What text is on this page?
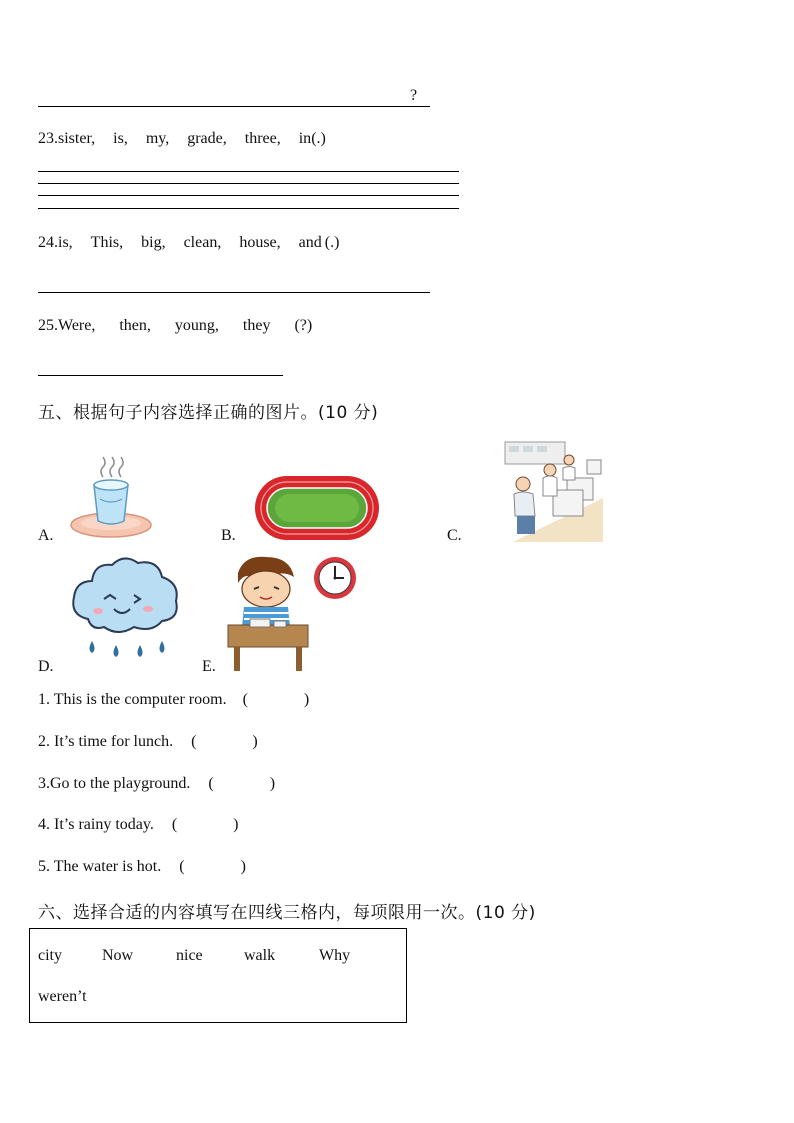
?
23.sister, is, my, grade, three, in(.)
24.is, This, big, clean, house, and (.)
25.Were, then, young, they (?)
五、根据句子内容选择正确的图片。(10 分)
A.	B.	C.
D.	E.
1. This is the computer room. (	)
2. It’s time for lunch. (	)
3.Go to the playground. (	)
4. It’s rainy today. (	)
5. The water is hot. (	)
六、选择合适的内容填写在四线三格内，每项限用一次。(10 分)
city	Now	nice	walk	Why
weren’t
